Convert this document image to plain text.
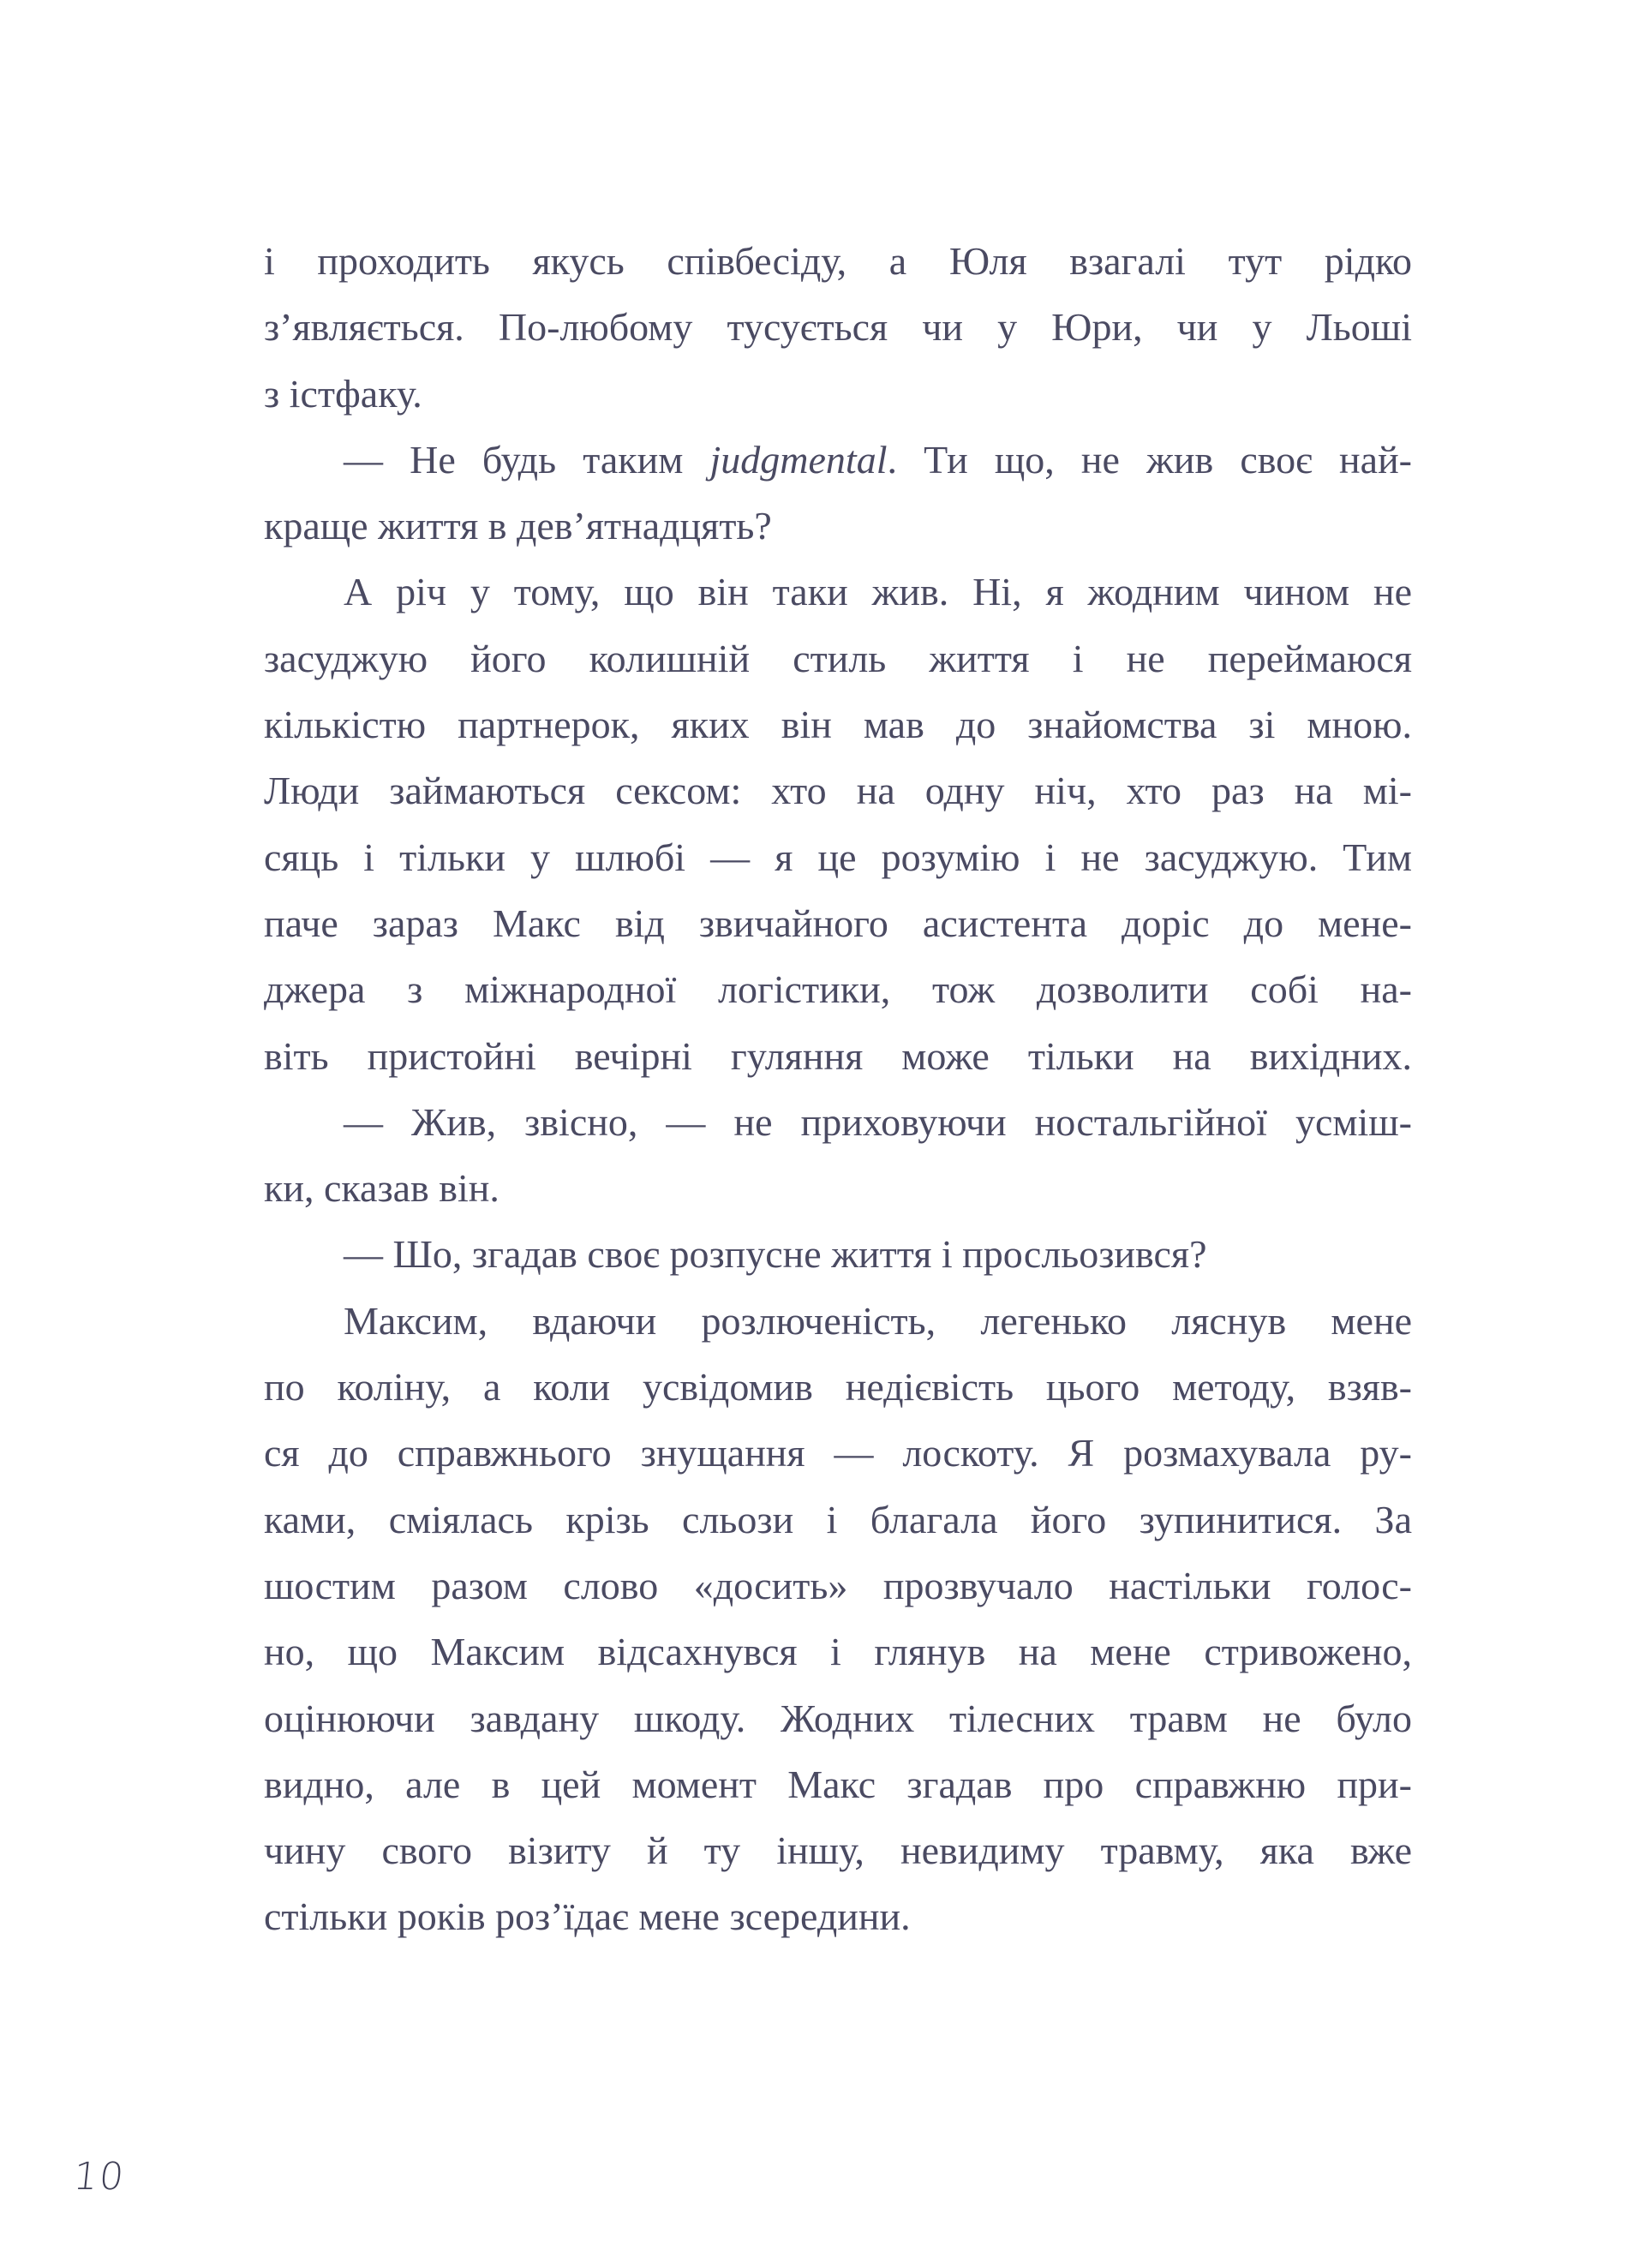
і проходить якусь співбесіду, а Юля взагалі тут рідко
з’являється. По-любому тусується чи у Юри, чи у Льоші
з істфаку.
— Не будь таким judgmental. Ти що, не жив своє най-
краще життя в дев’ятнадцять?
А річ у тому, що він таки жив. Ні, я жодним чином не
засуджую його колишній стиль життя і не переймаюся
кількістю партнерок, яких він мав до знайомства зі мною.
Люди займаються сексом: хто на одну ніч, хто раз на мі-
сяць і тільки у шлюбі — я це розумію і не засуджую. Тим
паче зараз Макс від звичайного асистента доріс до мене-
джера з міжнародної логістики, тож дозволити собі на-
віть пристойні вечірні гуляння може тільки на вихідних.
— Жив, звісно, — не приховуючи ностальгійної усміш-
ки, сказав він.
— Шо, згадав своє розпусне життя і просльозився?
Максим, вдаючи розлюченість, легенько ляснув мене
по коліну, а коли усвідомив недієвість цього методу, взяв-
ся до справжнього знущання — лоскоту. Я розмахувала ру-
ками, сміялась крізь сльози і благала його зупинитися. За
шостим разом слово «досить» прозвучало настільки голос-
но, що Максим відсахнувся і глянув на мене стривожено,
оцінюючи завдану шкоду. Жодних тілесних травм не було
видно, але в цей момент Макс згадав про справжню при-
чину свого візиту й ту іншу, невидиму травму, яка вже
стільки років роз’їдає мене зсередини.
10
